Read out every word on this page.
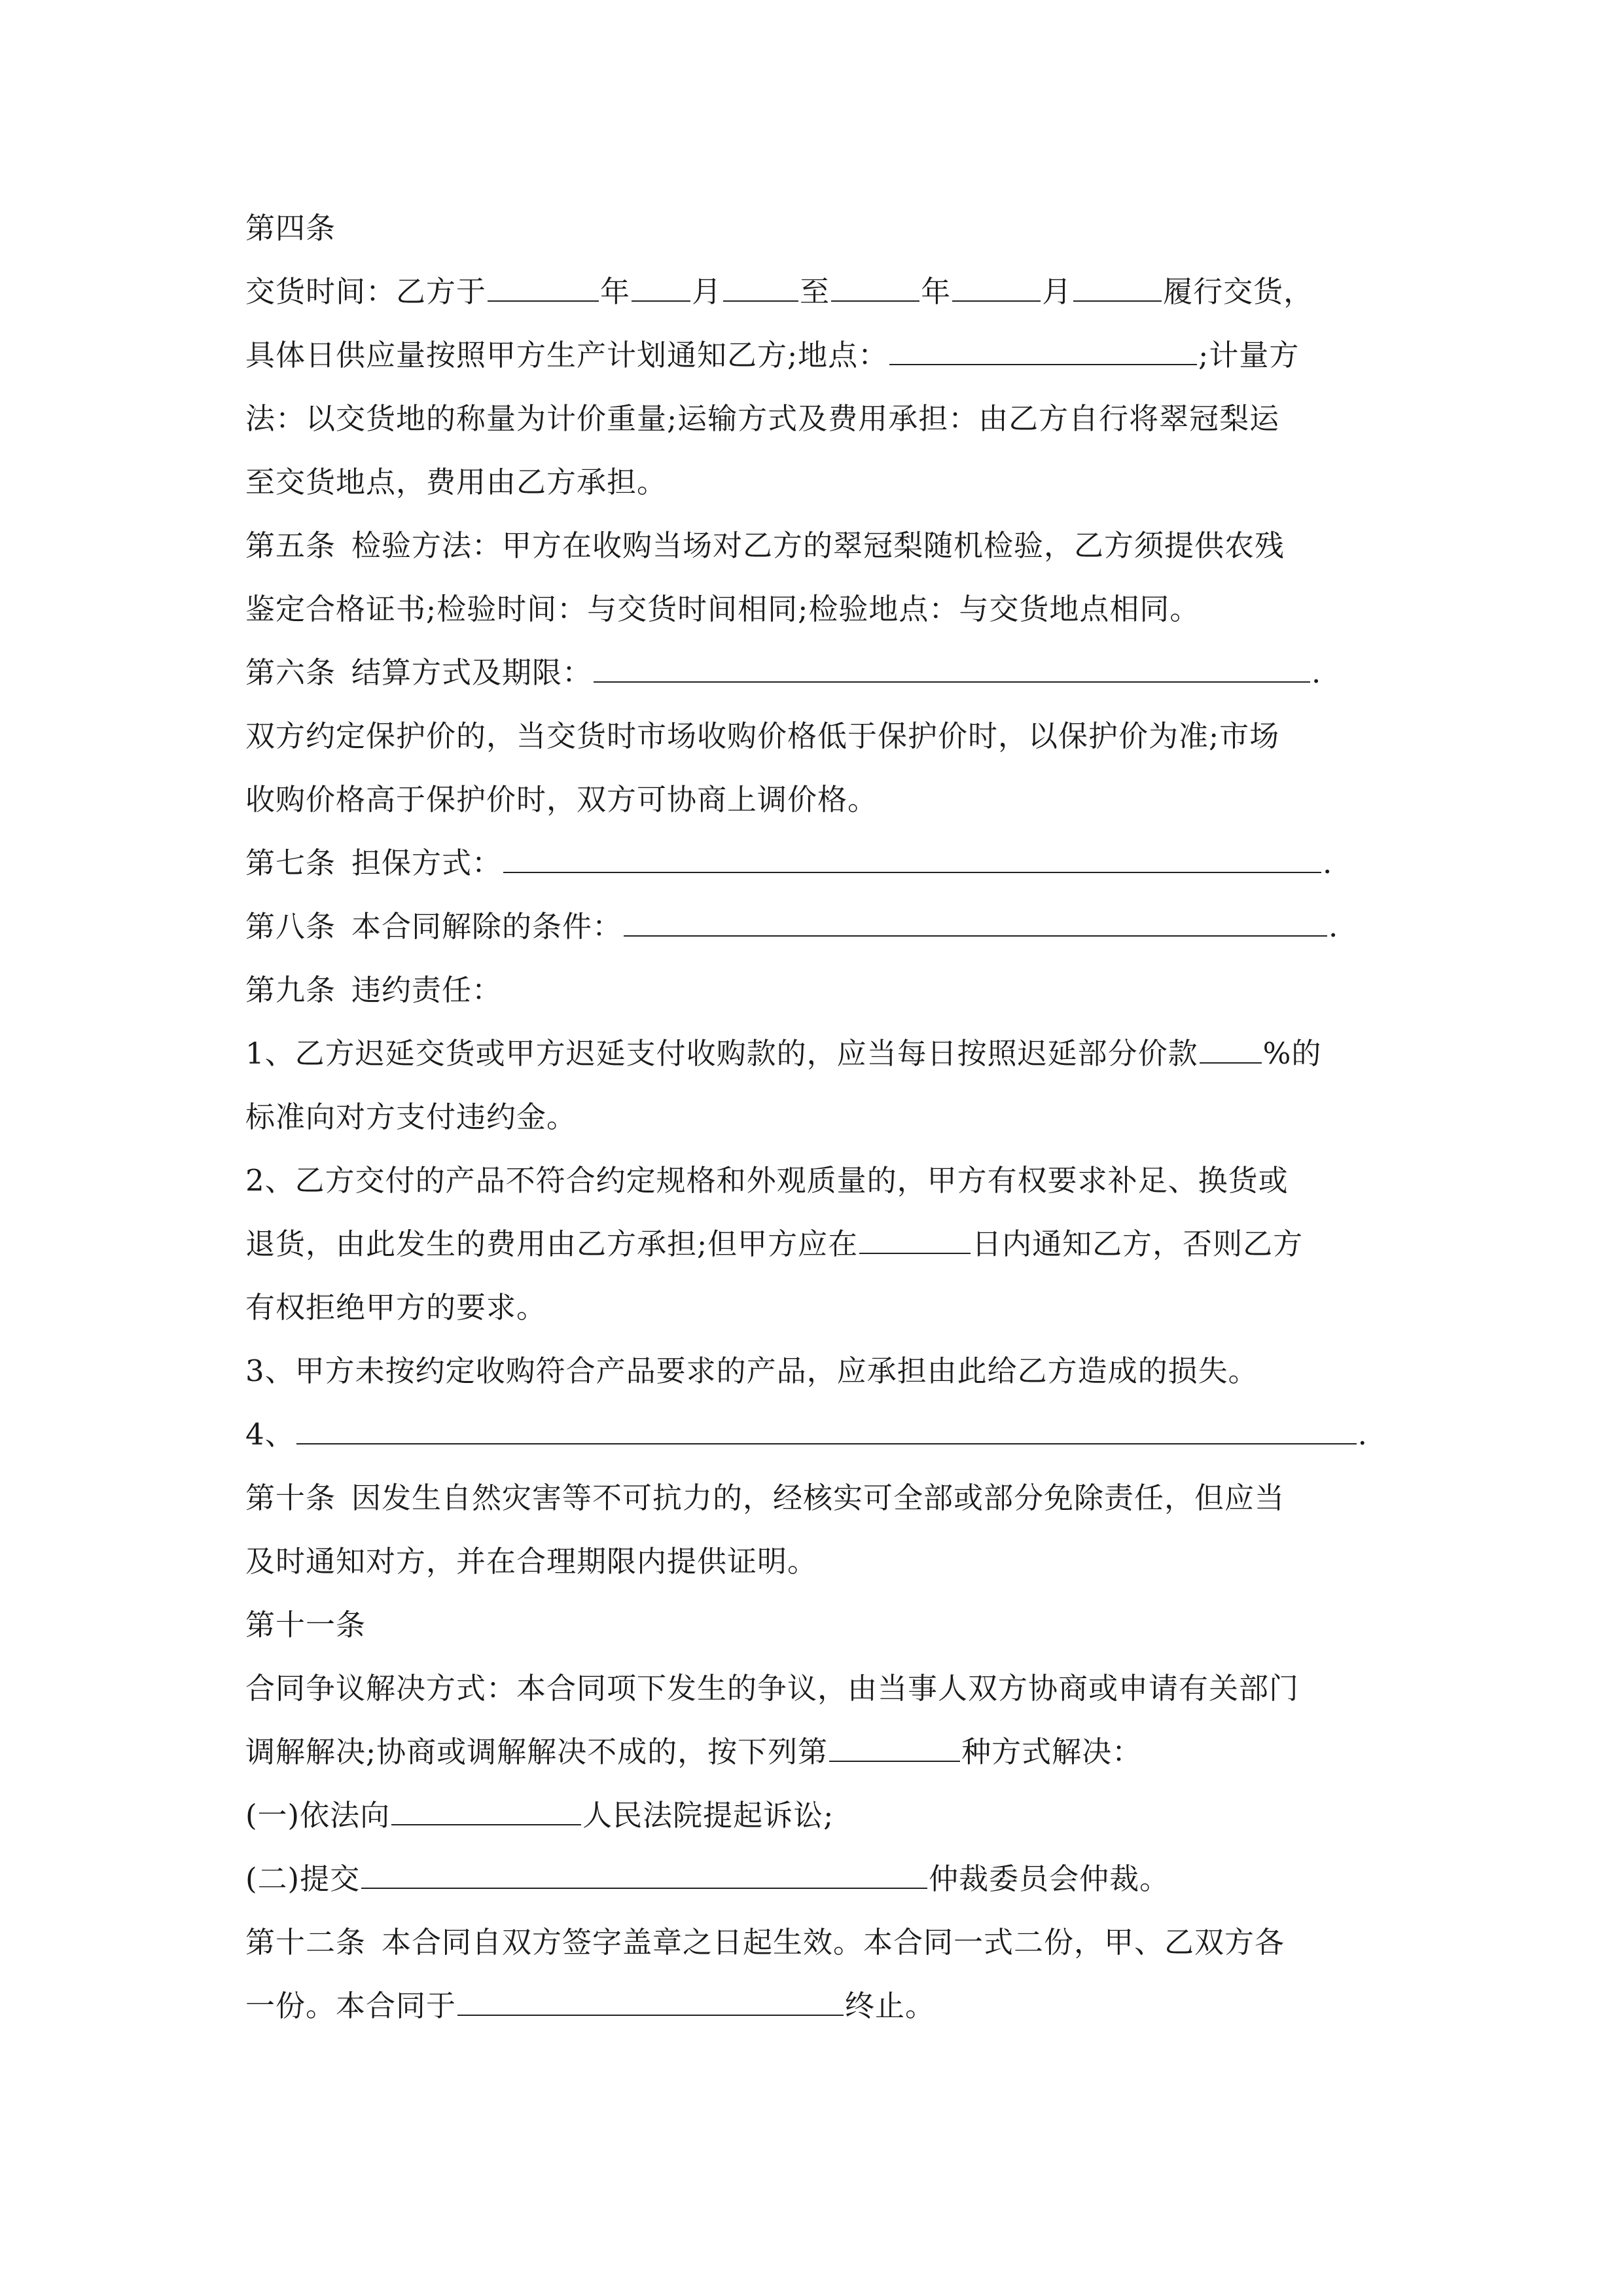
第四条
交货时间：乙方于	年 月	至	年	月	履行交货，
具体日供应量按照甲方生产计划通知乙方;地点：	;计量方
法：以交货地的称量为计价重量;运输方式及费用承担：由乙方自行将翠冠梨运
至交货地点，费用由乙方承担。
第五条 检验方法：甲方在收购当场对乙方的翠冠梨随机检验，乙方须提供农残
鉴定合格证书;检验时间：与交货时间相同;检验地点：与交货地点相同。
第六条 结算方式及期限：	.
双方约定保护价的，当交货时市场收购价格低于保护价时，以保护价为准;市场
收购价格高于保护价时，双方可协商上调价格。
第七条 担保方式：	.
第八条 本合同解除的条件：	.
第九条 违约责任：
1、乙方迟延交货或甲方迟延支付收购款的，应当每日按照迟延部分价款 %的
标准向对方支付违约金。
2、乙方交付的产品不符合约定规格和外观质量的，甲方有权要求补足、换货或
退货，由此发生的费用由乙方承担;但甲方应在	日内通知乙方，否则乙方
有权拒绝甲方的要求。
3、甲方未按约定收购符合产品要求的产品，应承担由此给乙方造成的损失。
4、	.
第十条 因发生自然灾害等不可抗力的，经核实可全部或部分免除责任，但应当
及时通知对方，并在合理期限内提供证明。
第十一条
合同争议解决方式：本合同项下发生的争议，由当事人双方协商或申请有关部门
调解解决;协商或调解解决不成的，按下列第	种方式解决：
(一)依法向	人民法院提起诉讼;
(二)提交	仲裁委员会仲裁。
第十二条 本合同自双方签字盖章之日起生效。本合同一式二份，甲、乙双方各
一份。本合同于	终止。
